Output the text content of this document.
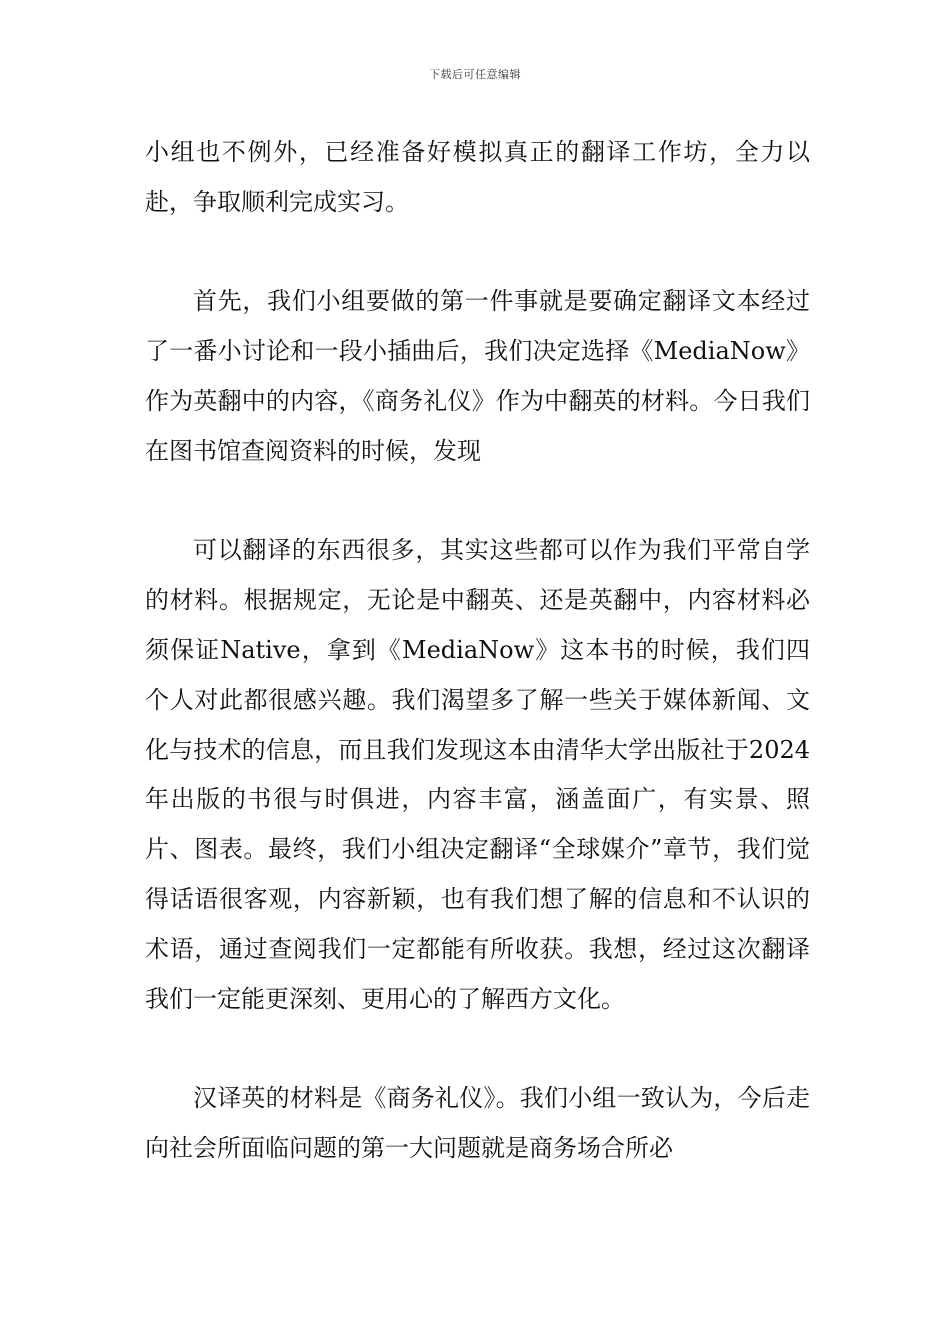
下载后可任意编辑

小组也不例外，已经准备好模拟真正的翻译工作坊，全力以赴，争取顺利完成实习。

首先，我们小组要做的第一件事就是要确定翻译文本经过了一番小讨论和一段小插曲后，我们决定选择《MediaNow》作为英翻中的内容，《商务礼仪》作为中翻英的材料。今日我们在图书馆查阅资料的时候，发现

可以翻译的东西很多，其实这些都可以作为我们平常自学的材料。根据规定，无论是中翻英、还是英翻中，内容材料必须保证Native，拿到《MediaNow》这本书的时候，我们四个人对此都很感兴趣。我们渴望多了解一些关于媒体新闻、文化与技术的信息，而且我们发现这本由清华大学出版社于2024年出版的书很与时俱进，内容丰富，涵盖面广，有实景、照片、图表。最终，我们小组决定翻译“全球媒介”章节，我们觉得话语很客观，内容新颖，也有我们想了解的信息和不认识的术语，通过查阅我们一定都能有所收获。我想，经过这次翻译我们一定能更深刻、更用心的了解西方文化。

汉译英的材料是《商务礼仪》。我们小组一致认为，今后走向社会所面临问题的第一大问题就是商务场合所必
